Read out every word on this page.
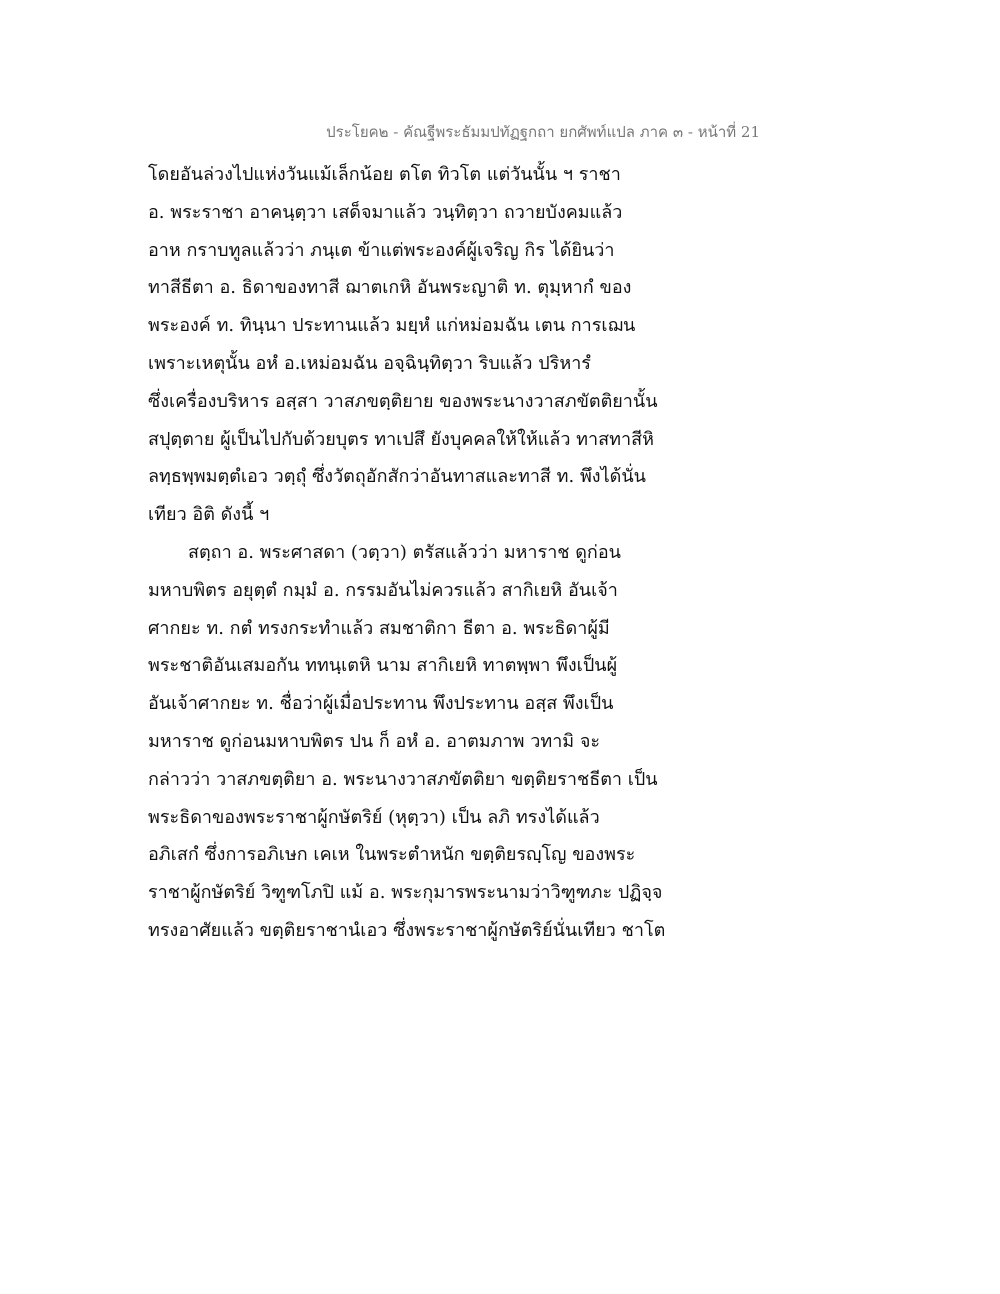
ประโยค๒ - คัณฐีพระธัมมปทัฏฐกถา ยกศัพท์แปล ภาค ๓ - หน้าที่ 21
โดยอันล่วงไปแห่งวันแม้เล็กน้อย ตโต ทิวโต แต่วันนั้น ฯ ราชา
อ. พระราชา อาคนฺตฺวา เสด็จมาแล้ว วนฺทิตฺวา ถวายบังคมแล้ว
อาห กราบทูลแล้วว่า ภนฺเต ข้าแต่พระองค์ผู้เจริญ กิร ได้ยินว่า
ทาสีธีตา อ. ธิดาของทาสี ฌาตเกหิ อันพระญาติ ท. ตุมฺหากํ ของ
พระองค์ ท. ทินฺนา ประทานแล้ว มยฺหํ แก่หม่อมฉัน เตน การเฌน
เพราะเหตุนั้น อหํ อ.เหม่อมฉัน อจฺฉินฺทิตฺวา ริบแล้ว ปริหารํ
ซึ่งเครื่องบริหาร อสฺสา วาสภขตฺติยาย ของพระนางวาสภขัตติยานั้น
สปุตฺตาย ผู้เป็นไปกับด้วยบุตร ทาเปสึ ยังบุคคลให้ให้แล้ว ทาสทาสีหิ
ลทฺธพฺพมตฺตํเอว วตฺถุํ ซึ่งวัตถุอักสักว่าอันทาสและทาสี ท. พึงได้นั่น
เทียว อิติ ดังนี้ ฯ
สตฺถา อ. พระศาสดา (วตฺวา) ตรัสแล้วว่า มหาราช ดูก่อน
มหาบพิตร อยุตฺตํ กมฺมํ อ. กรรมอันไม่ควรแล้ว สากิเยหิ อันเจ้า
ศากยะ ท. กตํ ทรงกระทำแล้ว สมชาติกา ธีตา อ. พระธิดาผู้มี
พระชาติอันเสมอกัน ททนฺเตหิ นาม สากิเยหิ ทาตพฺพา พึงเป็นผู้
อันเจ้าศากยะ ท. ชื่อว่าผู้เมื่อประทาน พึงประทาน อสฺส พึงเป็น
มหาราช ดูก่อนมหาบพิตร ปน ก็ อหํ อ. อาตมภาพ วทามิ จะ
กล่าวว่า วาสภขตฺติยา อ. พระนางวาสภขัตติยา ขตฺติยราชธีตา เป็น
พระธิดาของพระราชาผู้กษัตริย์ (หุตฺวา) เป็น ลภิ ทรงได้แล้ว
อภิเสกํ ซึ่งการอภิเษก เคเห ในพระตำหนัก ขตฺติยรญฺโญ ของพระ
ราชาผู้กษัตริย์ วิฑูฑโภปิ แม้ อ. พระกุมารพระนามว่าวิฑูฑภะ ปฏิจฺจ
ทรงอาศัยแล้ว ขตฺติยราชานํเอว ซึ่งพระราชาผู้กษัตริย์นั่นเทียว ชาโต
